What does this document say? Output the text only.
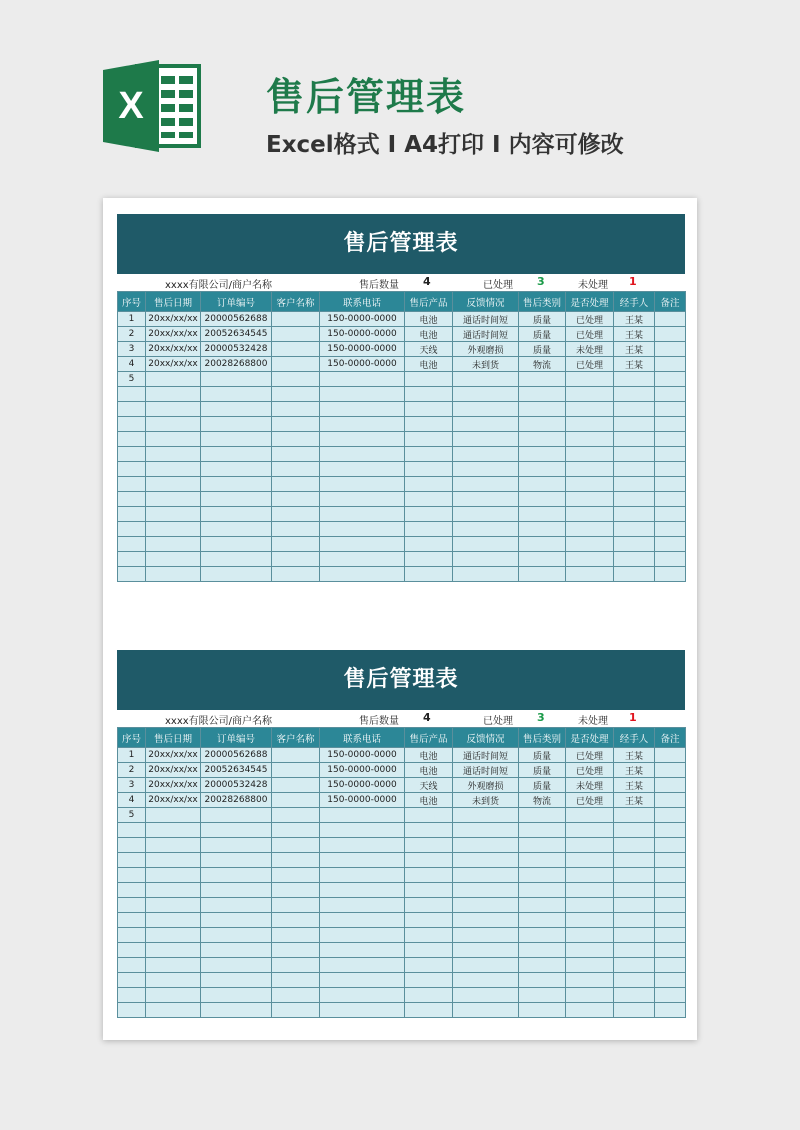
X	售后管理表
Excel格式 I A4打印 I 内容可修改
售后管理表
xxxx有限公司/商户名称	售后数量 4	已处理 3	未处理 1
序号	售后日期	订单编号	客户名称	联系电话	售后产品	反馈情况	售后类别	是否处理	经手人	备注
1	20xx/xx/xx	20000562688		150-0000-0000	电池	通话时间短	质量	已处理	王某	
2	20xx/xx/xx	20052634545		150-0000-0000	电池	通话时间短	质量	已处理	王某	
3	20xx/xx/xx	20000532428		150-0000-0000	天线	外观磨损	质量	未处理	王某	
4	20xx/xx/xx	20028268800		150-0000-0000	电池	未到货	物流	已处理	王某	
5										

售后管理表
xxxx有限公司/商户名称	售后数量 4	已处理 3	未处理 1
序号	售后日期	订单编号	客户名称	联系电话	售后产品	反馈情况	售后类别	是否处理	经手人	备注
1	20xx/xx/xx	20000562688		150-0000-0000	电池	通话时间短	质量	已处理	王某	
2	20xx/xx/xx	20052634545		150-0000-0000	电池	通话时间短	质量	已处理	王某	
3	20xx/xx/xx	20000532428		150-0000-0000	天线	外观磨损	质量	未处理	王某	
4	20xx/xx/xx	20028268800		150-0000-0000	电池	未到货	物流	已处理	王某	
5										
